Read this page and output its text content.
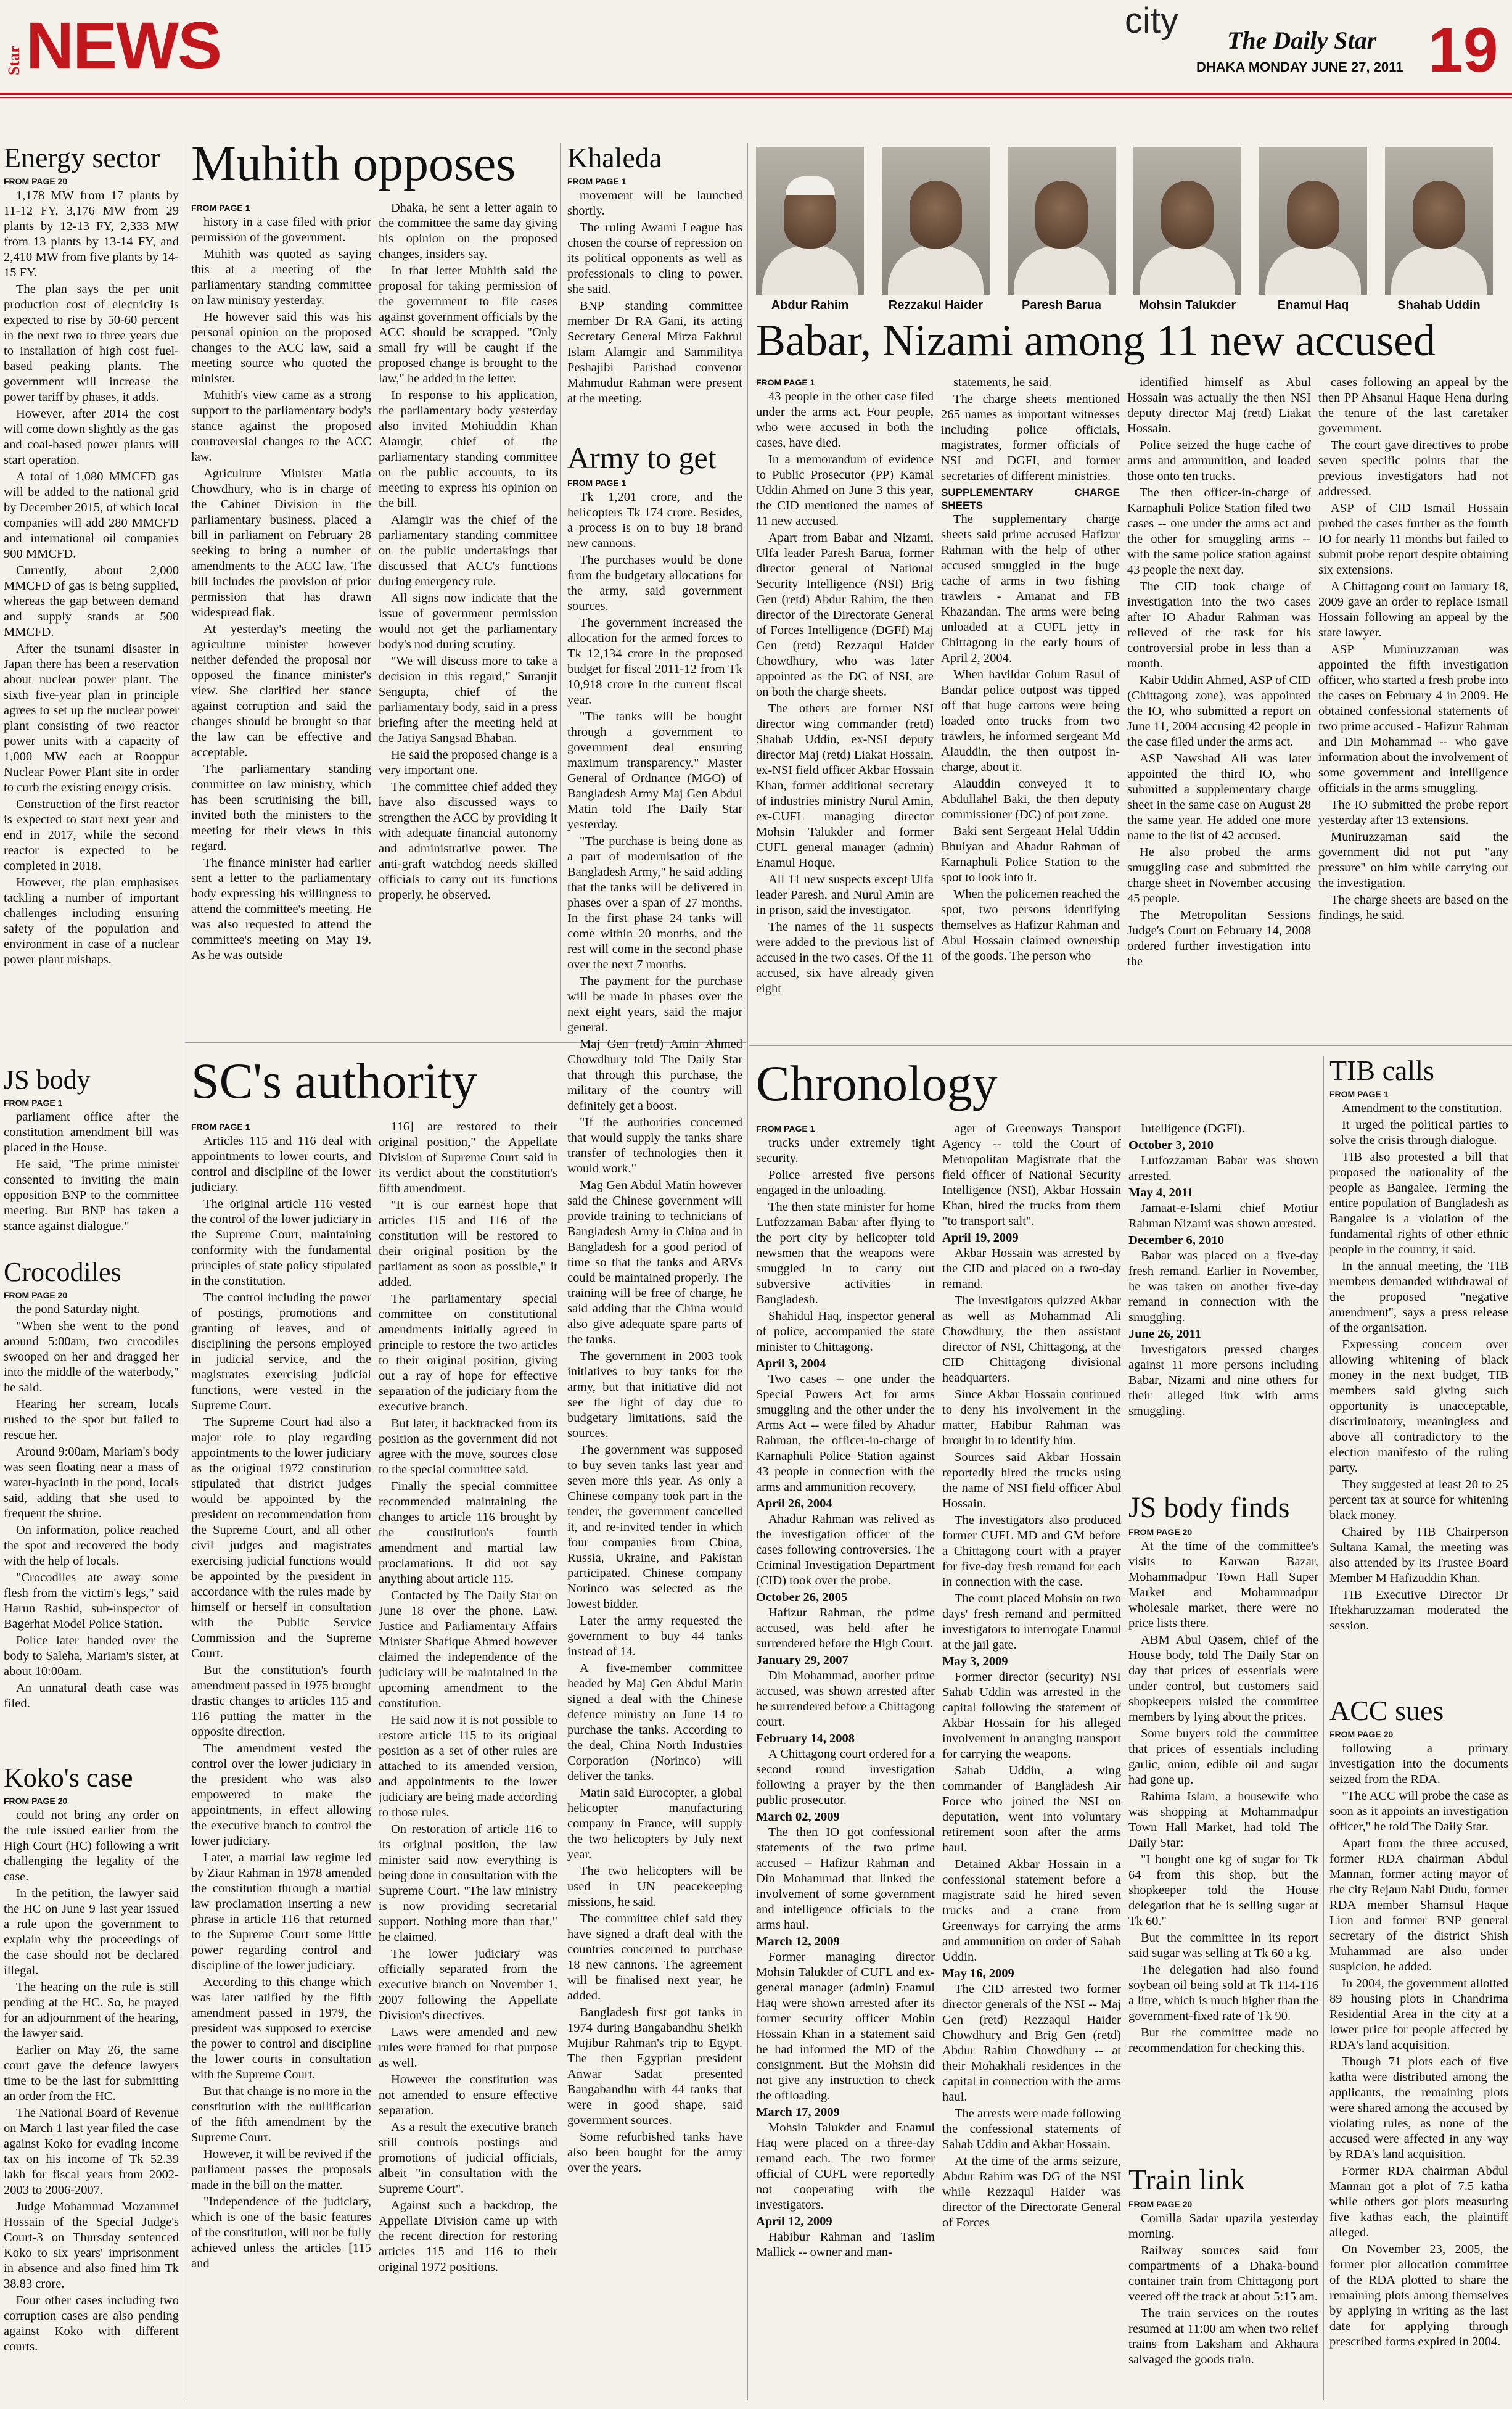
Star NEWS	city The Daily Star
DHAKA MONDAY JUNE 27, 2011 19
Energy sector
FROM PAGE 20

1,178 MW from 17 plants by 11-12 FY, 3,176 MW from 29 plants by 12-13 FY, 2,333 MW from 13 plants by 13-14 FY, and 2,410 MW from five plants by 14-15 FY.

The plan says the per unit production cost of electricity is expected to rise by 50-60 percent in the next two to three years due to installation of high cost fuel-based peaking plants. The government will increase the power tariff by phases, it adds.

However, after 2014 the cost will come down slightly as the gas and coal-based power plants will start operation.

A total of 1,080 MMCFD gas will be added to the national grid by December 2015, of which local companies will add 280 MMCFD and international oil companies 900 MMCFD.

Currently, about 2,000 MMCFD of gas is being supplied, whereas the gap between demand and supply stands at 500 MMCFD.

After the tsunami disaster in Japan there has been a reservation about nuclear power plant. The sixth five-year plan in principle agrees to set up the nuclear power plant consisting of two reactor power units with a capacity of 1,000 MW each at Rooppur Nuclear Power Plant site in order to curb the existing energy crisis.

Construction of the first reactor is expected to start next year and end in 2017, while the second reactor is expected to be completed in 2018.

However, the plan emphasises tackling a number of important challenges including ensuring safety of the population and environment in case of a nuclear power plant mishaps.

JS body
FROM PAGE 1

parliament office after the constitution amendment bill was placed in the House.

He said, "The prime minister consented to inviting the main opposition BNP to the committee meeting. But BNP has taken a stance against dialogue."

Crocodiles
FROM PAGE 20

the pond Saturday night.

"When she went to the pond around 5:00am, two crocodiles swooped on her and dragged her into the middle of the waterbody," he said.

Hearing her scream, locals rushed to the spot but failed to rescue her.

Around 9:00am, Mariam's body was seen floating near a mass of water-hyacinth in the pond, locals said, adding that she used to frequent the shrine.

On information, police reached the spot and recovered the body with the help of locals.

"Crocodiles ate away some flesh from the victim's legs," said Harun Rashid, sub-inspector of Bagerhat Model Police Station.

Police later handed over the body to Saleha, Mariam's sister, at about 10:00am.

An unnatural death case was filed.

Koko's case
FROM PAGE 20

could not bring any order on the rule issued earlier from the High Court (HC) following a writ challenging the legality of the case.

In the petition, the lawyer said the HC on June 9 last year issued a rule upon the government to explain why the proceedings of the case should not be declared illegal.

The hearing on the rule is still pending at the HC. So, he prayed for an adjournment of the hearing, the lawyer said.

Earlier on May 26, the same court gave the defence lawyers time to be the last for submitting an order from the HC.

The National Board of Revenue on March 1 last year filed the case against Koko for evading income tax on his income of Tk 52.39 lakh for fiscal years from 2002-2003 to 2006-2007.

Judge Mohammad Mozammel Hossain of the Special Judge's Court-3 on Thursday sentenced Koko to six years' imprisonment in absence and also fined him Tk 38.83 crore.

Four other cases including two corruption cases are also pending against Koko with different courts.

Muhith opposes
FROM PAGE 1

history in a case filed with prior permission of the government.

Muhith was quoted as saying this at a meeting of the parliamentary standing committee on law ministry yesterday.

He however said this was his personal opinion on the proposed changes to the ACC law, said a meeting source who quoted the minister.

Muhith's view came as a strong support to the parliamentary body's stance against the proposed controversial changes to the ACC law.

Agriculture Minister Matia Chowdhury, who is in charge of the Cabinet Division in the parliamentary business, placed a bill in parliament on February 28 seeking to bring a number of amendments to the ACC law. The bill includes the provision of prior permission that has drawn widespread flak.

At yesterday's meeting the agriculture minister however neither defended the proposal nor opposed the finance minister's view. She clarified her stance against corruption and said the changes should be brought so that the law can be effective and acceptable.

The parliamentary standing committee on law ministry, which has been scrutinising the bill, invited both the ministers to the meeting for their views in this regard.

The finance minister had earlier sent a letter to the parliamentary body expressing his willingness to attend the committee's meeting. He was also requested to attend the committee's meeting on May 19. As he was outside

Dhaka, he sent a letter again to the committee the same day giving his opinion on the proposed changes, insiders say.

In that letter Muhith said the proposal for taking permission of the government to file cases against government officials by the ACC should be scrapped. "Only small fry will be caught if the proposed change is brought to the law," he added in the letter.

In response to his application, the parliamentary body yesterday also invited Mohiuddin Khan Alamgir, chief of the parliamentary standing committee on the public accounts, to its meeting to express his opinion on the bill.

Alamgir was the chief of the parliamentary standing committee on the public undertakings that discussed that ACC's functions during emergency rule.

All signs now indicate that the issue of government permission would not get the parliamentary body's nod during scrutiny.

"We will discuss more to take a decision in this regard," Suranjit Sengupta, chief of the parliamentary body, said in a press briefing after the meeting held at the Jatiya Sangsad Bhaban.

He said the proposed change is a very important one.

The committee chief added they have also discussed ways to strengthen the ACC by providing it with adequate financial autonomy and administrative power. The anti-graft watchdog needs skilled officials to carry out its functions properly, he observed.

Khaleda
FROM PAGE 1

movement will be launched shortly.

The ruling Awami League has chosen the course of repression on its political opponents as well as professionals to cling to power, she said.

BNP standing committee member Dr RA Gani, its acting Secretary General Mirza Fakhrul Islam Alamgir and Sammilitya Peshajibi Parishad convenor Mahmudur Rahman were present at the meeting.

Army to get
FROM PAGE 1

Tk 1,201 crore, and the helicopters Tk 174 crore. Besides, a process is on to buy 18 brand new cannons.

The purchases would be done from the budgetary allocations for the army, said government sources.

The government increased the allocation for the armed forces to Tk 12,134 crore in the proposed budget for fiscal 2011-12 from Tk 10,918 crore in the current fiscal year.

"The tanks will be bought through a government to government deal ensuring maximum transparency," Master General of Ordnance (MGO) of Bangladesh Army Maj Gen Abdul Matin told The Daily Star yesterday.

"The purchase is being done as a part of modernisation of the Bangladesh Army," he said adding that the tanks will be delivered in phases over a span of 27 months. In the first phase 24 tanks will come within 20 months, and the rest will come in the second phase over the next 7 months.

The payment for the purchase will be made in phases over the next eight years, said the major general.

Maj Gen (retd) Amin Ahmed Chowdhury told The Daily Star that through this purchase, the military of the country will definitely get a boost.

"If the authorities concerned that would supply the tanks share transfer of technologies then it would work."

Mag Gen Abdul Matin however said the Chinese government will provide training to technicians of Bangladesh Army in China and in Bangladesh for a good period of time so that the tanks and ARVs could be maintained properly. The training will be free of charge, he said adding that the China would also give adequate spare parts of the tanks.

The government in 2003 took initiatives to buy tanks for the army, but that initiative did not see the light of day due to budgetary limitations, said the sources.

The government was supposed to buy seven tanks last year and seven more this year. As only a Chinese company took part in the tender, the government cancelled it, and re-invited tender in which four companies from China, Russia, Ukraine, and Pakistan participated. Chinese company Norinco was selected as the lowest bidder.

Later the army requested the government to buy 44 tanks instead of 14.

A five-member committee headed by Maj Gen Abdul Matin signed a deal with the Chinese defence ministry on June 14 to purchase the tanks. According to the deal, China North Industries Corporation (Norinco) will deliver the tanks.

Matin said Eurocopter, a global helicopter manufacturing company in France, will supply the two helicopters by July next year.

The two helicopters will be used in UN peacekeeping missions, he said.

The committee chief said they have signed a draft deal with the countries concerned to purchase 18 new cannons. The agreement will be finalised next year, he added.

Bangladesh first got tanks in 1974 during Bangabandhu Sheikh Mujibur Rahman's trip to Egypt. The then Egyptian president Anwar Sadat presented Bangabandhu with 44 tanks that were in good shape, said government sources.

Some refurbished tanks have also been bought for the army over the years.

Abdur Rahim	Rezzakul Haider	Paresh Barua	Mohsin Talukder	Enamul Haq	Shahab Uddin
Babar, Nizami among 11 new accused
FROM PAGE 1

43 people in the other case filed under the arms act. Four people, who were accused in both the cases, have died.

In a memorandum of evidence to Public Prosecutor (PP) Kamal Uddin Ahmed on June 3 this year, the CID mentioned the names of 11 new accused.

Apart from Babar and Nizami, Ulfa leader Paresh Barua, former director general of National Security Intelligence (NSI) Brig Gen (retd) Abdur Rahim, the then director of the Directorate General of Forces Intelligence (DGFI) Maj Gen (retd) Rezzaqul Haider Chowdhury, who was later appointed as the DG of NSI, are on both the charge sheets.

The others are former NSI director wing commander (retd) Shahab Uddin, ex-NSI deputy director Maj (retd) Liakat Hossain, ex-NSI field officer Akbar Hossain Khan, former additional secretary of industries ministry Nurul Amin, ex-CUFL managing director Mohsin Talukder and former CUFL general manager (admin) Enamul Hoque.

All 11 new suspects except Ulfa leader Paresh, and Nurul Amin are in prison, said the investigator.

The names of the 11 suspects were added to the previous list of accused in the two cases. Of the 11 accused, six have already given eight

statements, he said.

The charge sheets mentioned 265 names as important witnesses including police officials, magistrates, former officials of NSI and DGFI, and former secretaries of different ministries.

SUPPLEMENTARY CHARGE SHEETS

The supplementary charge sheets said prime accused Hafizur Rahman with the help of other accused smuggled in the huge cache of arms in two fishing trawlers - Amanat and FB Khazandan. The arms were being unloaded at a CUFL jetty in Chittagong in the early hours of April 2, 2004.

When havildar Golum Rasul of Bandar police outpost was tipped off that huge cartons were being loaded onto trucks from two trawlers, he informed sergeant Md Alauddin, the then outpost in-charge, about it.

Alauddin conveyed it to Abdullahel Baki, the then deputy commissioner (DC) of port zone.

Baki sent Sergeant Helal Uddin Bhuiyan and Ahadur Rahman of Karnaphuli Police Station to the spot to look into it.

When the policemen reached the spot, two persons identifying themselves as Hafizur Rahman and Abul Hossain claimed ownership of the goods. The person who

identified himself as Abul Hossain was actually the then NSI deputy director Maj (retd) Liakat Hossain.

Police seized the huge cache of arms and ammunition, and loaded those onto ten trucks.

The then officer-in-charge of Karnaphuli Police Station filed two cases -- one under the arms act and the other for smuggling arms -- with the same police station against 43 people the next day.

The CID took charge of investigation into the two cases after IO Ahadur Rahman was relieved of the task for his controversial probe in less than a month.

Kabir Uddin Ahmed, ASP of CID (Chittagong zone), was appointed the IO, who submitted a report on June 11, 2004 accusing 42 people in the case filed under the arms act.

ASP Nawshad Ali was later appointed the third IO, who submitted a supplementary charge sheet in the same case on August 28 the same year. He added one more name to the list of 42 accused.

He also probed the arms smuggling case and submitted the charge sheet in November accusing 45 people.

The Metropolitan Sessions Judge's Court on February 14, 2008 ordered further investigation into the

cases following an appeal by the then PP Ahsanul Haque Hena during the tenure of the last caretaker government.

The court gave directives to probe seven specific points that the previous investigators had not addressed.

ASP of CID Ismail Hossain probed the cases further as the fourth IO for nearly 11 months but failed to submit probe report despite obtaining six extensions.

A Chittagong court on January 18, 2009 gave an order to replace Ismail Hossain following an appeal by the state lawyer.

ASP Muniruzzaman was appointed the fifth investigation officer, who started a fresh probe into the cases on February 4 in 2009. He obtained confessional statements of two prime accused - Hafizur Rahman and Din Mohammad -- who gave information about the involvement of some government and intelligence officials in the arms smuggling.

The IO submitted the probe report yesterday after 13 extensions.

Muniruzzaman said the government did not put "any pressure" on him while carrying out the investigation.

The charge sheets are based on the findings, he said.

SC's authority
FROM PAGE 1

Articles 115 and 116 deal with appointments to lower courts, and control and discipline of the lower judiciary.

The original article 116 vested the control of the lower judiciary in the Supreme Court, maintaining conformity with the fundamental principles of state policy stipulated in the constitution.

The control including the power of postings, promotions and granting of leaves, and of disciplining the persons employed in judicial service, and the magistrates exercising judicial functions, were vested in the Supreme Court.

The Supreme Court had also a major role to play regarding appointments to the lower judiciary as the original 1972 constitution stipulated that district judges would be appointed by the president on recommendation from the Supreme Court, and all other civil judges and magistrates exercising judicial functions would be appointed by the president in accordance with the rules made by himself or herself in consultation with the Public Service Commission and the Supreme Court.

But the constitution's fourth amendment passed in 1975 brought drastic changes to articles 115 and 116 putting the matter in the opposite direction.

The amendment vested the control over the lower judiciary in the president who was also empowered to make the appointments, in effect allowing the executive branch to control the lower judiciary.

Later, a martial law regime led by Ziaur Rahman in 1978 amended the constitution through a martial law proclamation inserting a new phrase in article 116 that returned to the Supreme Court some little power regarding control and discipline of the lower judiciary.

According to this change which was later ratified by the fifth amendment passed in 1979, the president was supposed to exercise the power to control and discipline the lower courts in consultation with the Supreme Court.

But that change is no more in the constitution with the nullification of the fifth amendment by the Supreme Court.

However, it will be revived if the parliament passes the proposals made in the bill on the matter.

"Independence of the judiciary, which is one of the basic features of the constitution, will not be fully achieved unless the articles [115 and

116] are restored to their original position," the Appellate Division of Supreme Court said in its verdict about the constitution's fifth amendment.

"It is our earnest hope that articles 115 and 116 of the constitution will be restored to their original position by the parliament as soon as possible," it added.

The parliamentary special committee on constitutional amendments initially agreed in principle to restore the two articles to their original position, giving out a ray of hope for effective separation of the judiciary from the executive branch.

But later, it backtracked from its position as the government did not agree with the move, sources close to the special committee said.

Finally the special committee recommended maintaining the changes to article 116 brought by the constitution's fourth amendment and martial law proclamations. It did not say anything about article 115.

Contacted by The Daily Star on June 18 over the phone, Law, Justice and Parliamentary Affairs Minister Shafique Ahmed however claimed the independence of the judiciary will be maintained in the upcoming amendment to the constitution.

He said now it is not possible to restore article 115 to its original position as a set of other rules are attached to its amended version, and appointments to the lower judiciary are being made according to those rules.

On restoration of article 116 to its original position, the law minister said now everything is being done in consultation with the Supreme Court. "The law ministry is now providing secretarial support. Nothing more than that," he claimed.

The lower judiciary was officially separated from the executive branch on November 1, 2007 following the Appellate Division's directives.

Laws were amended and new rules were framed for that purpose as well.

However the constitution was not amended to ensure effective separation.

As a result the executive branch still controls postings and promotions of judicial officials, albeit "in consultation with the Supreme Court".

Against such a backdrop, the Appellate Division came up with the recent direction for restoring articles 115 and 116 to their original 1972 positions.

Chronology
FROM PAGE 1

trucks under extremely tight security.

Police arrested five persons engaged in the unloading.

The then state minister for home Lutfozzaman Babar after flying to the port city by helicopter told newsmen that the weapons were smuggled in to carry out subversive activities in Bangladesh.

Shahidul Haq, inspector general of police, accompanied the state minister to Chittagong.

April 3, 2004

Two cases -- one under the Special Powers Act for arms smuggling and the other under the Arms Act -- were filed by Ahadur Rahman, the officer-in-charge of Karnaphuli Police Station against 43 people in connection with the arms and ammunition recovery.

April 26, 2004

Ahadur Rahman was relived as the investigation officer of the cases following controversies. The Criminal Investigation Department (CID) took over the probe.

October 26, 2005

Hafizur Rahman, the prime accused, was held after he surrendered before the High Court.

January 29, 2007

Din Mohammad, another prime accused, was shown arrested after he surrendered before a Chittagong court.

February 14, 2008

A Chittagong court ordered for a second round investigation following a prayer by the then public prosecutor.

March 02, 2009

The then IO got confessional statements of the two prime accused -- Hafizur Rahman and Din Mohammad that linked the involvement of some government and intelligence officials to the arms haul.

March 12, 2009

Former managing director Mohsin Talukder of CUFL and ex-general manager (admin) Enamul Haq were shown arrested after its former security officer Mobin Hossain Khan in a statement said he had informed the MD of the consignment. But the Mohsin did not give any instruction to check the offloading.

March 17, 2009

Mohsin Talukder and Enamul Haq were placed on a three-day remand each. The two former official of CUFL were reportedly not cooperating with the investigators.

April 12, 2009

Habibur Rahman and Taslim Mallick -- owner and man-

ager of Greenways Transport Agency -- told the Court of Metropolitan Magistrate that the field officer of National Security Intelligence (NSI), Akbar Hossain Khan, hired the trucks from them "to transport salt".

April 19, 2009

Akbar Hossain was arrested by the CID and placed on a two-day remand.

The investigators quizzed Akbar as well as Mohammad Ali Chowdhury, the then assistant director of NSI, Chittagong, at the CID Chittagong divisional headquarters.

Since Akbar Hossain continued to deny his involvement in the matter, Habibur Rahman was brought in to identify him.

Sources said Akbar Hossain reportedly hired the trucks using the name of NSI field officer Abul Hossain.

The investigators also produced former CUFL MD and GM before a Chittagong court with a prayer for five-day fresh remand for each in connection with the case.

The court placed Mohsin on two days' fresh remand and permitted investigators to interrogate Enamul at the jail gate.

May 3, 2009

Former director (security) NSI Sahab Uddin was arrested in the capital following the statement of Akbar Hossain for his alleged involvement in arranging transport for carrying the weapons.

Sahab Uddin, a wing commander of Bangladesh Air Force who joined the NSI on deputation, went into voluntary retirement soon after the arms haul.

Detained Akbar Hossain in a confessional statement before a magistrate said he hired seven trucks and a crane from Greenways for carrying the arms and ammunition on order of Sahab Uddin.

May 16, 2009

The CID arrested two former director generals of the NSI -- Maj Gen (retd) Rezzaqul Haider Chowdhury and Brig Gen (retd) Abdur Rahim Chowdhury -- at their Mohakhali residences in the capital in connection with the arms haul.

The arrests were made following the confessional statements of Sahab Uddin and Akbar Hossain.

At the time of the arms seizure, Abdur Rahim was DG of the NSI while Rezzaqul Haider was director of the Directorate General of Forces

Intelligence (DGFI).

October 3, 2010

Lutfozzaman Babar was shown arrested.

May 4, 2011

Jamaat-e-Islami chief Motiur Rahman Nizami was shown arrested.

December 6, 2010

Babar was placed on a five-day fresh remand. Earlier in November, he was taken on another five-day remand in connection with the smuggling.

June 26, 2011

Investigators pressed charges against 11 more persons including Babar, Nizami and nine others for their alleged link with arms smuggling.

JS body finds
FROM PAGE 20

At the time of the committee's visits to Karwan Bazar, Mohammadpur Town Hall Super Market and Mohammadpur wholesale market, there were no price lists there.

ABM Abul Qasem, chief of the House body, told The Daily Star on day that prices of essentials were under control, but customers said shopkeepers misled the committee members by lying about the prices.

Some buyers told the committee that prices of essentials including garlic, onion, edible oil and sugar had gone up.

Rahima Islam, a housewife who was shopping at Mohammadpur Town Hall Market, had told The Daily Star:

"I bought one kg of sugar for Tk 64 from this shop, but the shopkeeper told the House delegation that he is selling sugar at Tk 60."

But the committee in its report said sugar was selling at Tk 60 a kg.

The delegation had also found soybean oil being sold at Tk 114-116 a litre, which is much higher than the government-fixed rate of Tk 90.

But the committee made no recommendation for checking this.

Train link
FROM PAGE 20

Comilla Sadar upazila yesterday morning.

Railway sources said four compartments of a Dhaka-bound container train from Chittagong port veered off the track at about 5:15 am.

The train services on the routes resumed at 11:00 am when two relief trains from Laksham and Akhaura salvaged the goods train.

TIB calls
FROM PAGE 1

Amendment to the constitution.

It urged the political parties to solve the crisis through dialogue.

TIB also protested a bill that proposed the nationality of the people as Bangalee. Terming the entire population of Bangladesh as Bangalee is a violation of the fundamental rights of other ethnic people in the country, it said.

In the annual meeting, the TIB members demanded withdrawal of the proposed "negative amendment", says a press release of the organisation.

Expressing concern over allowing whitening of black money in the next budget, TIB members said giving such opportunity is unacceptable, discriminatory, meaningless and above all contradictory to the election manifesto of the ruling party.

They suggested at least 20 to 25 percent tax at source for whitening black money.

Chaired by TIB Chairperson Sultana Kamal, the meeting was also attended by its Trustee Board Member M Hafizuddin Khan.

TIB Executive Director Dr Iftekharuzzaman moderated the session.

ACC sues
FROM PAGE 20

following a primary investigation into the documents seized from the RDA.

"The ACC will probe the case as soon as it appoints an investigation officer," he told The Daily Star.

Apart from the three accused, former RDA chairman Abdul Mannan, former acting mayor of the city Rejaun Nabi Dudu, former RDA member Shamsul Haque Lion and former BNP general secretary of the district Shish Muhammad are also under suspicion, he added.

In 2004, the government allotted 89 housing plots in Chandrima Residential Area in the city at a lower price for people affected by RDA's land acquisition.

Though 71 plots each of five katha were distributed among the applicants, the remaining plots were shared among the accused by violating rules, as none of the accused were affected in any way by RDA's land acquisition.

Former RDA chairman Abdul Mannan got a plot of 7.5 katha while others got plots measuring five kathas each, the plaintiff alleged.

On November 23, 2005, the former plot allocation committee of the RDA plotted to share the remaining plots among themselves by applying in writing as the last date for applying through prescribed forms expired in 2004.
